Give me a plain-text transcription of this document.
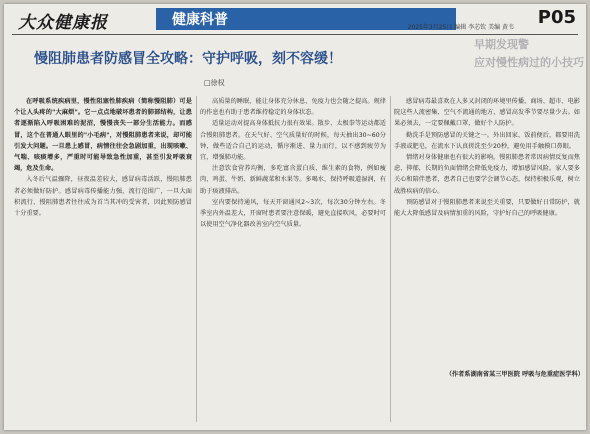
大众健康报	健康科普	2025年3月25日 编辑 李芯钦 美编 黄韦 P05
早期发现警
应对慢性病过的小技巧
慢阻肺患者防感冒全攻略：守护呼吸，刻不容缓！
□徐权

在呼吸系统疾病里，慢性阻塞性肺疾病（简称慢阻肺）可是个让人头疼的"大麻烦"。它一点点地破坏患者的肺部结构，让患者逐渐陷入呼吸困难的泥沼，慢慢丧失一部分生活能力。而感冒，这个在普通人眼里的"小毛病"，对慢阻肺患者来说，却可能引发大问题。一旦患上感冒，病情往往会急剧加重，出现咳嗽、气喘、咳痰增多，严重时可能导致急性加重，甚至引发呼吸衰竭，危及生命。

入冬后气温骤降，昼夜温差较大，感冒病毒活跃，慢阻肺患者必须做好防护。感冒病毒传播能力强，流行范围广，一旦大面积流行，慢阻肺患者往往成为首当其冲的受害者，因此预防感冒十分重要。

高质量的睡眠，能让身体充分休息，免疫力也会随之提高。规律的作息也有助于患者维持稳定的身体状态。

适量运动对提高身体抵抗力很有效果。散步、太极拳等运动都适合慢阻肺患者。在天气好、空气质量好的时候，每天抽出30~60分钟，做些适合自己的运动，循序渐进、量力而行，以不感到疲劳为宜，增强肺功能。

注意饮食营养均衡，多吃富含蛋白质、维生素的食物，例如瘦肉、鸡蛋、牛奶、新鲜蔬菜和水果等。多喝水，保持呼吸道湿润，有助于痰液排出。

室内要保持通风，每天开窗通风2~3次，每次30分钟左右。冬季室内外温差大，开窗时患者要注意保暖，避免直接吹风，必要时可以使用空气净化器改善室内空气质量。

感冒病毒最喜欢在人多又封闭的环境里传播，商场、超市、电影院这些人流密集、空气不流通的地方，感冒高发季节要尽量少去。如果必须去，一定要佩戴口罩，做好个人防护。

勤洗手是预防感冒的关键之一。外出回家、饭前便后，都要用洗手液或肥皂，在流水下认真搓洗至少20秒，避免用手触摸口鼻眼。

情绪对身体健康也有很大的影响。慢阻肺患者常因病情反复而焦虑、抑郁，长期的负面情绪会降低免疫力，增加感冒风险。家人要多关心和陪伴患者，患者自己也要学会调节心态，保持积极乐观，树立战胜疾病的信心。

预防感冒对于慢阻肺患者来说至关重要，只要做好日常防护，就能大大降低感冒及病情加重的风险，守护好自己的呼吸健康。

（作者系湖南省某三甲医院 呼吸与危重症医学科）
